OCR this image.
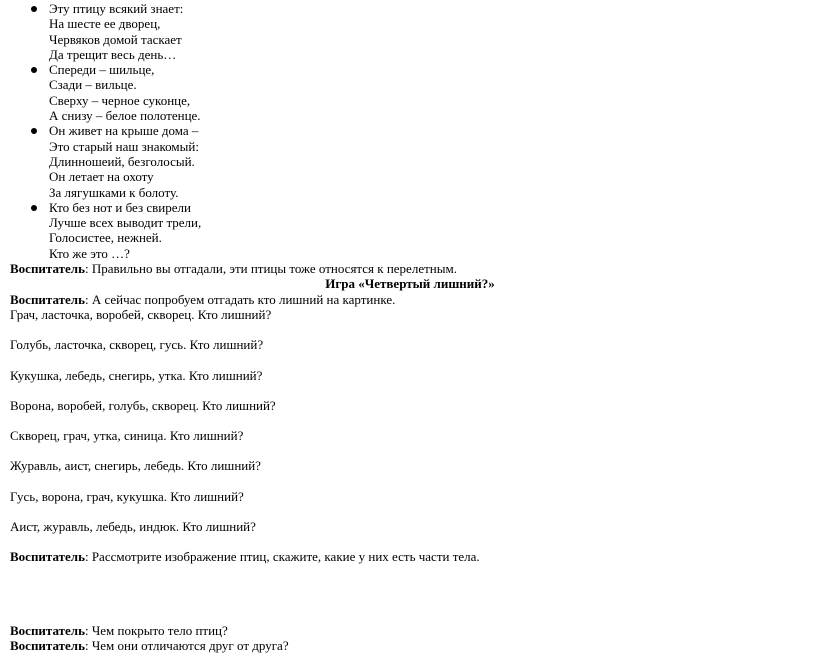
Эту птицу всякий знает:
На шесте ее дворец,
Червяков домой таскает
Да трещит весь день…
Спереди – шильце,
Сзади – вильце.
Сверху – черное суконце,
А снизу – белое полотенце.
Он живет на крыше дома –
Это старый наш знакомый:
Длинношеий, безголосый.
Он летает на охоту
За лягушками к болоту.
Кто без нот и без свирели
Лучше всех выводит трели,
Голосистее, нежней.
Кто же это …?
Воспитатель: Правильно вы отгадали, эти птицы тоже относятся к перелетным.
Игра «Четвертый лишний?»
Воспитатель: А сейчас попробуем отгадать кто лишний на картинке.
Грач, ласточка, воробей, скворец. Кто лишний?
Голубь, ласточка, скворец, гусь. Кто лишний?
Кукушка, лебедь, снегирь, утка. Кто лишний?
Ворона, воробей, голубь, скворец. Кто лишний?
Скворец, грач, утка, синица. Кто лишний?
Журавль, аист, снегирь, лебедь. Кто лишний?
Гусь, ворона, грач, кукушка. Кто лишний?
Аист, журавль, лебедь, индюк. Кто лишний?
Воспитатель: Рассмотрите изображение птиц, скажите, какие у них есть части тела.
Воспитатель: Чем покрыто тело птиц?
Воспитатель: Чем они отличаются друг от друга?
